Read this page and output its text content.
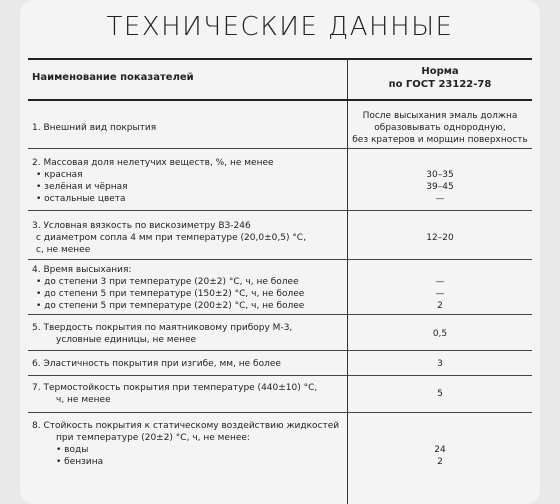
ТЕХНИЧЕСКИЕ ДАННЫЕ
Наименование показателей
Норма
по ГОСТ 23122-78
1. Внешний вид покрытия
После высыхания эмаль должна
образовывать однородную,
без кратеров и морщин поверхность
2. Массовая доля нелетучих веществ, %, не менее
• красная
• зелёная и чёрная
• остальные цвета

30–35
39–45
—
3. Условная вязкость по вискозиметру ВЗ-246
с диаметром сопла 4 мм при температуре (20,0±0,5) °С,
с, не менее

12–20

4. Время высыхания:
• до степени 3 при температуре (20±2) °С, ч, не более
• до степени 5 при температуре (150±2) °С, ч, не более
• до степени 5 при температуре (200±2) °С, ч, не более

—
—
2
5. Твердость покрытия по маятниковому прибору М-3,
условные единицы, не менее
0,5
6. Эластичность покрытия при изгибе, мм, не более	3
7. Термостойкость покрытия при температуре (440±10) °С,
ч, не менее
5
8. Стойкость покрытия к статическому воздействию жидкостей
при температуре (20±2) °С, ч, не менее:
• воды
• бензина

24
2
